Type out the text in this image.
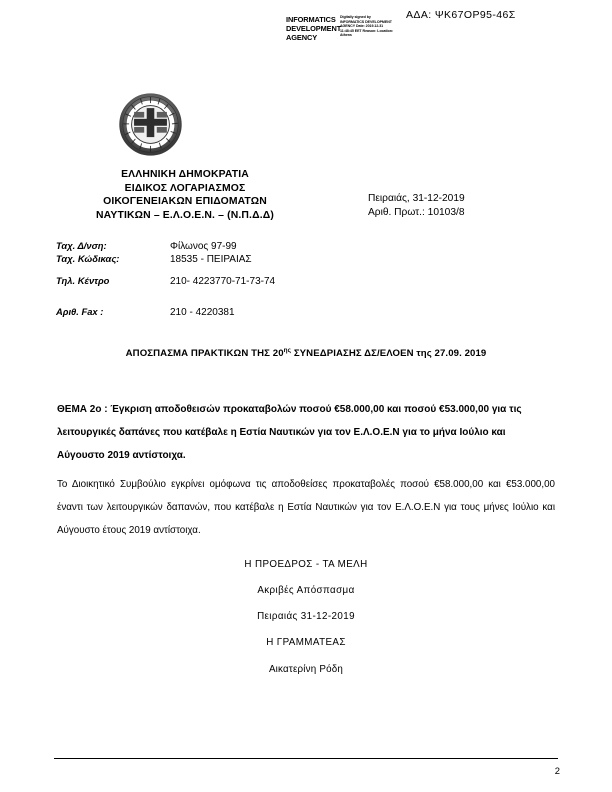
ΑΔΑ: ΨΚ67ΟΡ95-46Σ
INFORMATICS DEVELOPMENT AGENCY
Digitally signed by INFORMATICS DEVELOPMENT AGENCY Date: 2019.12.31 11:48:45 EET Reason: Location: Athens
ΕΛΛΗΝΙΚΗ ΔΗΜΟΚΡΑΤΙΑ
ΕΙΔΙΚΟΣ ΛΟΓΑΡΙΑΣΜΟΣ
ΟΙΚΟΓΕΝΕΙΑΚΩΝ ΕΠΙΔΟΜΑΤΩΝ
ΝΑΥΤΙΚΩΝ – Ε.Λ.Ο.Ε.Ν. – (Ν.Π.Δ.Δ)
Πειραιάς, 31-12-2019
Αριθ. Πρωτ.: 10103/8
Ταχ. Δ/νση:	Φίλωνος 97-99
Ταχ. Κώδικας:	18535 - ΠΕΙΡΑΙΑΣ
Τηλ. Κέντρο	210- 4223770-71-73-74
Αριθ. Fax :	210 - 4220381
ΑΠΟΣΠΑΣΜΑ ΠΡΑΚΤΙΚΩΝ ΤΗΣ $20^{\eta\varsigma}$ ΣΥΝΕΔΡΙΑΣΗΣ ΔΣ/ΕΛΟΕΝ της 27.09. 2019
ΘΕΜΑ 2ο : Έγκριση αποδοθεισών προκαταβολών ποσού €58.000,00 και ποσού €53.000,00 για τις λειτουργικές δαπάνες που κατέβαλε η Εστία Ναυτικών για τον Ε.Λ.Ο.Ε.Ν για το μήνα Ιούλιο και Αύγουστο 2019 αντίστοιχα.
Το Διοικητικό Συμβούλιο εγκρίνει ομόφωνα τις αποδοθείσες προκαταβολές ποσού €58.000,00 και €53.000,00 έναντι των λειτουργικών δαπανών, που κατέβαλε η Εστία Ναυτικών για τον Ε.Λ.Ο.Ε.Ν για τους μήνες Ιούλιο και Αύγουστο έτους 2019 αντίστοιχα.
Η ΠΡΟΕΔΡΟΣ - ΤΑ ΜΕΛΗ
Ακριβές Απόσπασμα
Πειραιάς 31-12-2019
Η ΓΡΑΜΜΑΤΕΑΣ
Αικατερίνη Ρόδη
2
